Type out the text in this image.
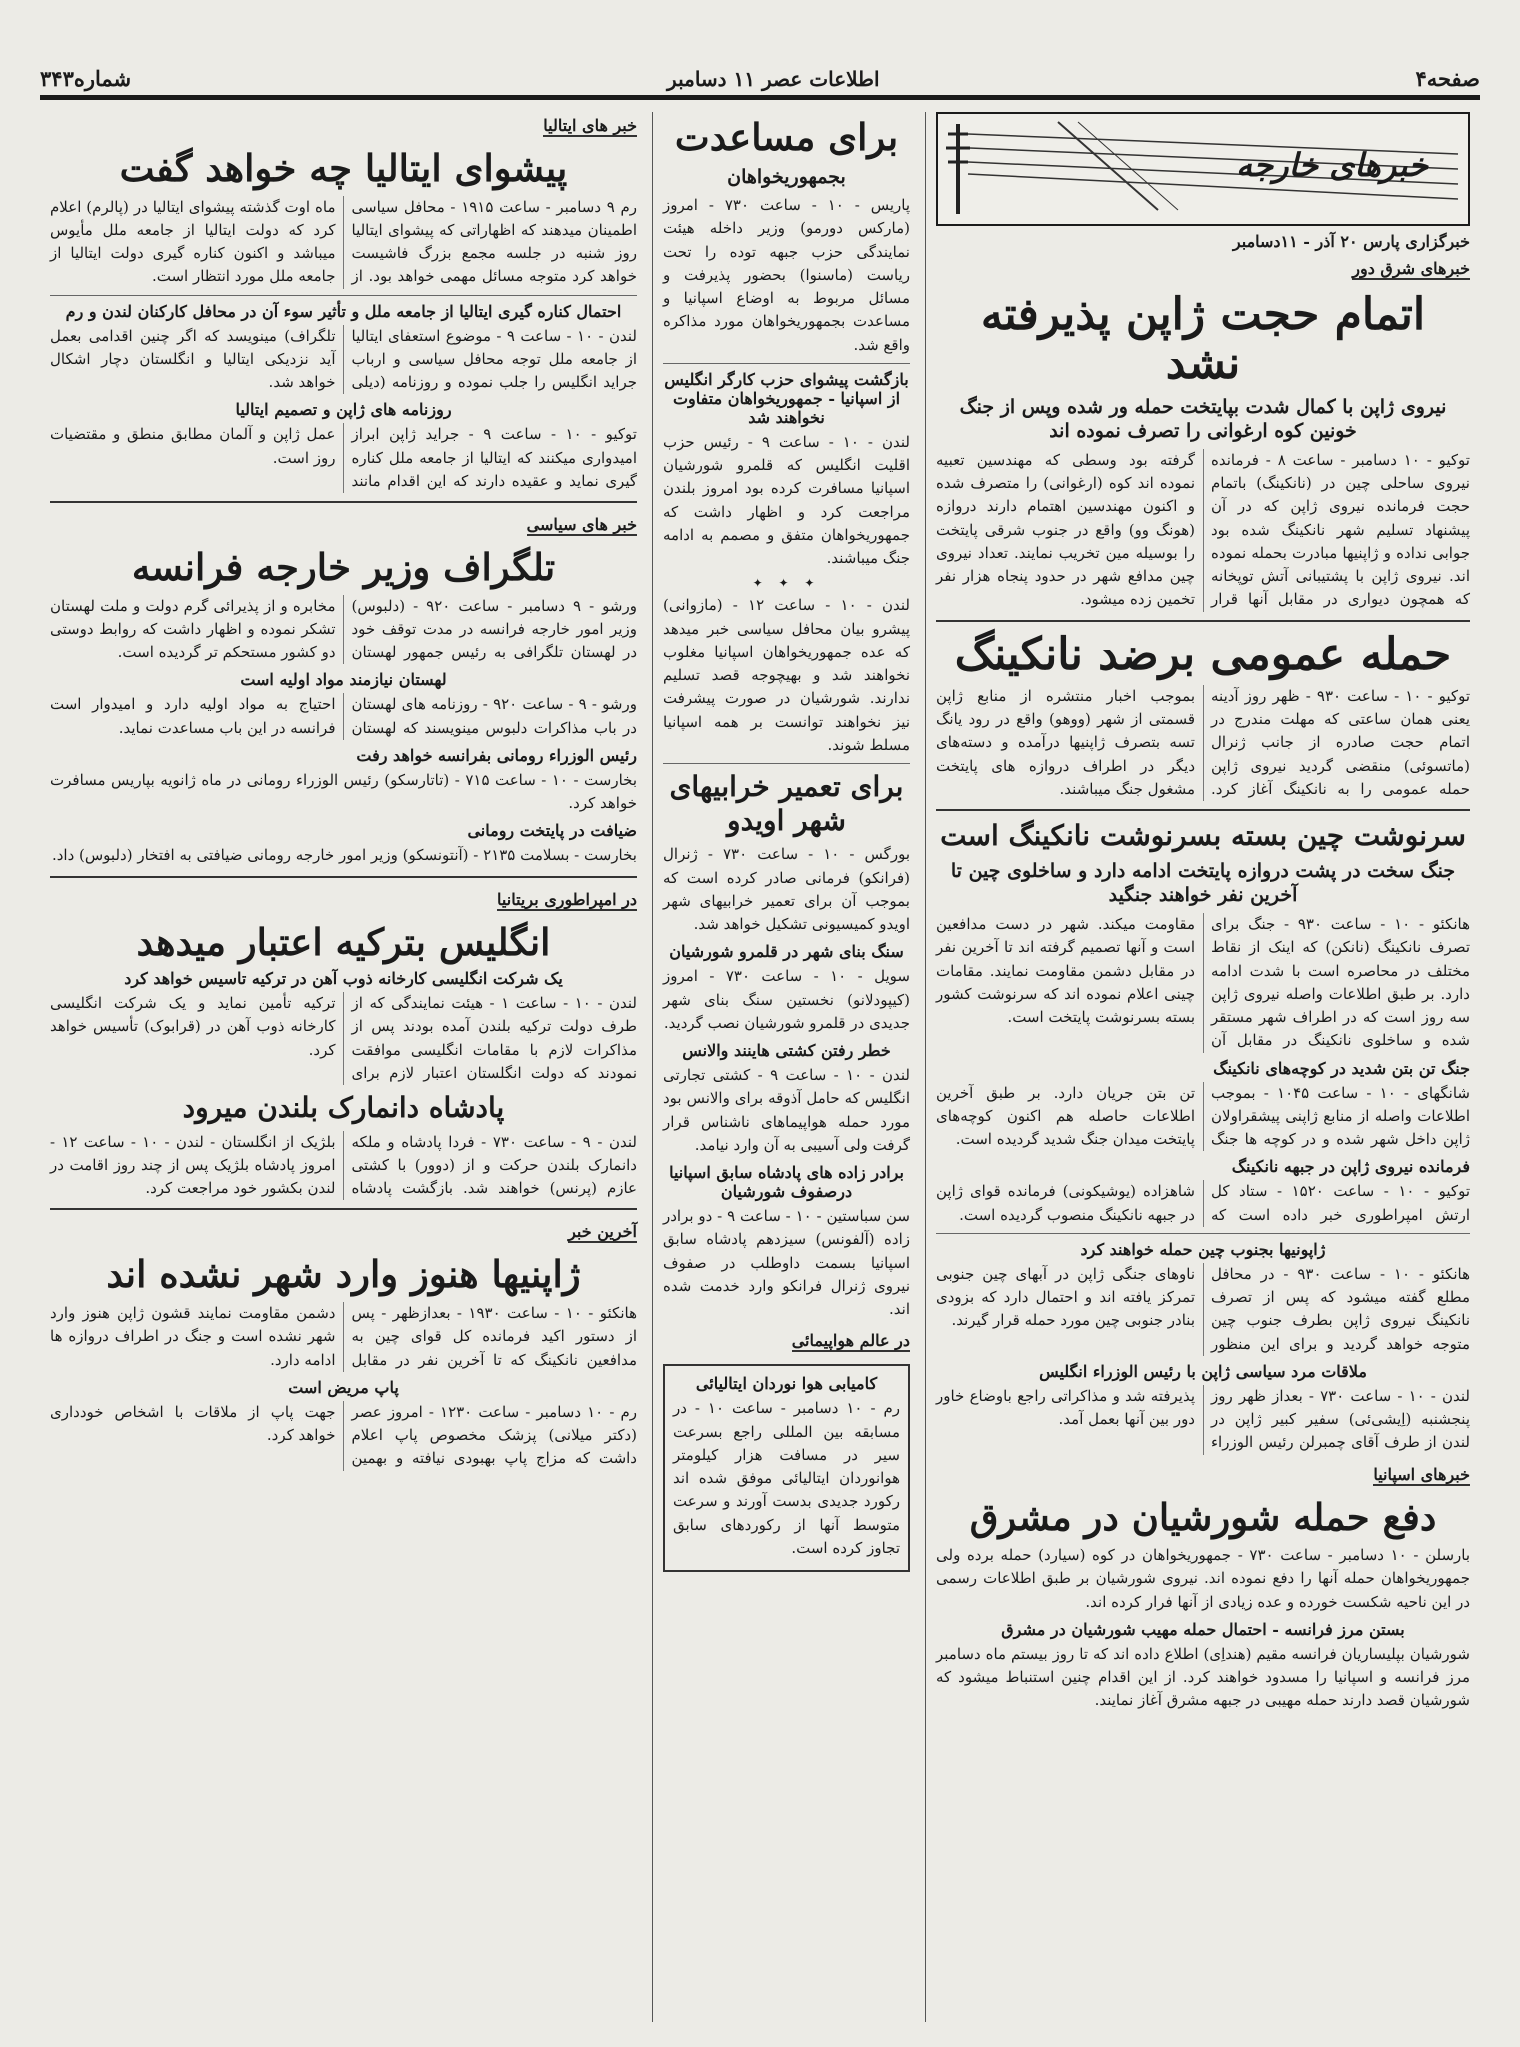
صفحه۴
اطلاعات عصر ۱۱ دسامبر
شماره۳۴۳
خبرهای خارجه
خبرگزاری پارس ۲۰ آذر - ۱۱دسامبر
خبرهای شرق دور
اتمام حجت ژاپن پذیرفته نشد
نیروی ژاپن با کمال شدت بپایتخت حمله ور شده وپس از جنگ خونین کوه ارغوانی را تصرف نموده اند
توکیو - ۱۰ دسامبر - ساعت ۸ - فرمانده نیروی ساحلی چین در (نانکینگ) باتمام حجت فرمانده نیروی ژاپن که در آن پیشنهاد تسلیم شهر نانکینگ شده بود جوابی نداده و ژاپنیها مبادرت بحمله نموده اند. نیروی ژاپن با پشتیبانی آتش توپخانه که همچون دیواری در مقابل آنها قرار گرفته بود وسطی که مهندسین تعبیه نموده اند کوه (ارغوانی) را متصرف شده و اکنون مهندسین اهتمام دارند دروازه (هونگ وو) واقع در جنوب شرقی پایتخت را بوسیله مین تخریب نمایند. تعداد نیروی چین مدافع شهر در حدود پنجاه هزار نفر تخمین زده میشود.
حمله عمومی برضد نانکینگ
توکیو - ۱۰ - ساعت ۹۳۰ - ظهر روز آدینه یعنی همان ساعتی که مهلت مندرج در اتمام حجت صادره از جانب ژنرال (ماتسوئی) منقضی گردید نیروی ژاپن حمله عمومی را به نانکینگ آغاز کرد. بموجب اخبار منتشره از منابع ژاپن قسمتی از شهر (ووهو) واقع در رود یانگ تسه بتصرف ژاپنیها درآمده و دسته‌های دیگر در اطراف دروازه های پایتخت مشغول جنگ میباشند.
سرنوشت چین بسته بسرنوشت نانکینگ است
جنگ سخت در پشت دروازه پایتخت ادامه دارد و ساخلوی چین تا آخرین نفر خواهند جنگید
هانکئو - ۱۰ - ساعت ۹۳۰ - جنگ برای تصرف نانکینگ (نانکن) که اینک از نقاط مختلف در محاصره است با شدت ادامه دارد. بر طبق اطلاعات واصله نیروی ژاپن سه روز است که در اطراف شهر مستقر شده و ساخلوی نانکینگ در مقابل آن مقاومت میکند. شهر در دست مدافعین است و آنها تصمیم گرفته اند تا آخرین نفر در مقابل دشمن مقاومت نمایند. مقامات چینی اعلام نموده اند که سرنوشت کشور بسته بسرنوشت پایتخت است.
جنگ تن بتن شدید در کوچه‌های نانکینگ
شانگهای - ۱۰ - ساعت ۱۰۴۵ - بموجب اطلاعات واصله از منابع ژاپنی پیشقراولان ژاپن داخل شهر شده و در کوچه ها جنگ تن بتن جریان دارد. بر طبق آخرین اطلاعات حاصله هم اکنون کوچه‌های پایتخت میدان جنگ شدید گردیده است.
فرمانده نیروی ژاپن در جبهه نانکینگ
توکیو - ۱۰ - ساعت ۱۵۲۰ - ستاد کل ارتش امپراطوری خبر داده است که شاهزاده (یوشیکونی) فرمانده قوای ژاپن در جبهه نانکینگ منصوب گردیده است.
ژاپونیها بجنوب چین حمله خواهند کرد
هانکئو - ۱۰ - ساعت ۹۳۰ - در محافل مطلع گفته میشود که پس از تصرف نانکینگ نیروی ژاپن بطرف جنوب چین متوجه خواهد گردید و برای این منظور ناوهای جنگی ژاپن در آبهای چین جنوبی تمرکز یافته اند و احتمال دارد که بزودی بنادر جنوبی چین مورد حمله قرار گیرند.
ملاقات مرد سیاسی ژاپن با رئیس الوزراء انگلیس
لندن - ۱۰ - ساعت ۷۳۰ - بعداز ظهر روز پنجشنبه (اِیشی‌ئی) سفیر کبیر ژاپن در لندن از طرف آقای چمبرلن رئیس الوزراء پذیرفته شد و مذاکراتی راجع باوضاع خاور دور بین آنها بعمل آمد.
خبرهای اسپانیا
دفع حمله شورشیان در مشرق
بارسلن - ۱۰ دسامبر - ساعت ۷۳۰ - جمهوریخواهان در کوه (سیارد) حمله برده ولی جمهوریخواهان حمله آنها را دفع نموده اند. نیروی شورشیان بر طبق اطلاعات رسمی در این ناحیه شکست خورده و عده زیادی از آنها فرار کرده اند.
بستن مرز فرانسه - احتمال حمله مهیب شورشیان در مشرق
شورشیان بپلیساریان فرانسه مقیم (هنداِی) اطلاع داده اند که تا روز بیستم ماه دسامبر مرز فرانسه و اسپانیا را مسدود خواهند کرد. از این اقدام چنین استنباط میشود که شورشیان قصد دارند حمله مهیبی در جبهه مشرق آغاز نمایند.
برای مساعدت
بجمهوریخواهان
پاریس - ۱۰ - ساعت ۷۳۰ - امروز (مارکس دورمو) وزیر داخله هیئت نمایندگی حزب جبهه توده را تحت ریاست (ماسنوا) بحضور پذیرفت و مسائل مربوط به اوضاع اسپانیا و مساعدت بجمهوریخواهان مورد مذاکره واقع شد.
بازگشت پیشوای حزب کارگر انگلیس از اسپانیا - جمهوریخواهان متفاوت نخواهند شد
لندن - ۱۰ - ساعت ۹ - رئیس حزب اقلیت انگلیس که قلمرو شورشیان اسپانیا مسافرت کرده بود امروز بلندن مراجعت کرد و اظهار داشت که جمهوریخواهان متفق و مصمم به ادامه جنگ میباشند.
✦ ✦ ✦
لندن - ۱۰ - ساعت ۱۲ - (مازوانی) پیشرو‌ بیان محافل سیاسی خبر میدهد که عده جمهوریخواهان اسپانیا مغلوب نخواهند شد و بهیچوجه قصد تسلیم ندارند. شورشیان در صورت پیشرفت نیز نخواهند توانست بر همه اسپانیا مسلط شوند.
برای تعمیر خرابیهای شهر اویدو
بورگس - ۱۰ - ساعت ۷۳۰ - ژنرال (فرانکو) فرمانی صادر کرده است که بموجب آن برای تعمیر خرابیهای شهر اویدو کمیسیونی تشکیل خواهد شد.
سنگ بنای شهر در قلمرو شورشیان
سویل - ۱۰ - ساعت ۷۳۰ - امروز (کیپودلانو) نخستین سنگ بنای شهر جدیدی در قلمرو شورشیان نصب گردید.
خطر رفتن کشتی هاینند والانس
لندن - ۱۰ - ساعت ۹ - کشتی تجارتی انگلیس که حامل آذوقه برای والانس بود مورد حمله هواپیماهای ناشناس قرار گرفت ولی آسیبی به آن وارد نیامد.
برادر زاده های پادشاه سابق اسپانیا درصفوف شورشیان
سن سباستین - ۱۰ - ساعت ۹ - دو برادر زاده (آلفونس) سیزدهم پادشاه سابق اسپانیا بسمت داوطلب در صفوف نیروی ژنرال فرانکو وارد خدمت شده اند.
در عالم هواپیمائی
کامیابی هوا نوردان ایتالیائی
رم - ۱۰ دسامبر - ساعت ۱۰ - در مسابقه بین المللی راجع بسرعت سیر در مسافت هزار کیلومتر هوانوردان ایتالیائی موفق شده اند رکورد جدیدی بدست آورند و سرعت متوسط آنها از رکوردهای سابق تجاوز کرده است.
خبر های ایتالیا
پیشوای ایتالیا چه خواهد گفت
رم ۹ دسامبر - ساعت ۱۹۱۵ - محافل سیاسی اطمینان میدهند که اظهاراتی که پیشوای ایتالیا روز شنبه در جلسه مجمع بزرگ فاشیست خواهد کرد متوجه مسائل مهمی خواهد بود. از ماه اوت گذشته پیشوای ایتالیا در (پالرم) اعلام کرد که دولت ایتالیا از جامعه ملل مأیوس میباشد و اکنون کناره گیری دولت ایتالیا از جامعه ملل مورد انتظار است.
احتمال کناره گیری ایتالیا از جامعه ملل و تأثیر سوء آن در محافل کارکنان لندن و رم
لندن - ۱۰ - ساعت ۹ - موضوع استعفای ایتالیا از جامعه ملل توجه محافل سیاسی و ارباب جراید انگلیس را جلب نموده و روزنامه (دیلی تلگراف) مینویسد که اگر چنین اقدامی بعمل آید نزدیکی ایتالیا و انگلستان دچار اشکال خواهد شد.
روزنامه های ژاپن و تصمیم ایتالیا
توکیو - ۱۰ - ساعت ۹ - جراید ژاپن ابراز امیدواری میکنند که ایتالیا از جامعه ملل کناره گیری نماید و عقیده دارند که این اقدام مانند عمل ژاپن و آلمان مطابق منطق و مقتضیات روز است.
خبر های سیاسی
تلگراف وزیر خارجه فرانسه
ورشو - ۹ دسامبر - ساعت ۹۲۰ - (دلبوس) وزیر امور خارجه فرانسه در مدت توقف خود در لهستان تلگرافی به رئیس جمهور لهستان مخابره و از پذیرائی گرم دولت و ملت لهستان تشکر نموده و اظهار داشت که روابط دوستی دو کشور مستحکم تر گردیده است.
لهستان نیازمند مواد اولیه است
ورشو - ۹ - ساعت ۹۲۰ - روزنامه های لهستان در باب مذاکرات دلبوس مینویسند که لهستان احتیاج به مواد اولیه دارد و امیدوار است فرانسه در این باب مساعدت نماید.
رئیس الوزراء رومانی بفرانسه خواهد رفت
بخارست - ۱۰ - ساعت ۷۱۵ - (تاتارسکو) رئیس الوزراء رومانی در ماه ژانویه بپاریس مسافرت خواهد کرد.
ضیافت در پایتخت رومانی
بخارست - بسلامت ۲۱۳۵ - (آنتونسکو) وزیر امور خارجه رومانی ضیافتی به افتخار (دلبوس) داد.
در امپراطوری بریتانیا
انگلیس بترکیه اعتبار میدهد
یک شرکت انگلیسی کارخانه ذوب آهن در ترکیه تاسیس خواهد کرد
لندن - ۱۰ - ساعت ۱ - هیئت نمایندگی که از طرف دولت ترکیه بلندن آمده بودند پس از مذاکرات لازم با مقامات انگلیسی موافقت نمودند که دولت انگلستان اعتبار لازم برای ترکیه تأمین نماید و یک شرکت انگلیسی کارخانه ذوب آهن در (قرابوک) تأسیس خواهد کرد.
پادشاه دانمارک بلندن میرود
لندن - ۹ - ساعت ۷۳۰ - فردا پادشاه و ملکه دانمارک بلندن حرکت و از (دوور) با کشتی عازم (پرنس) خواهند شد. بازگشت پادشاه بلژیک از انگلستان - لندن - ۱۰ - ساعت ۱۲ - امروز پادشاه بلژیک پس از چند روز اقامت در لندن بکشور خود مراجعت کرد.
آخرین خبر
ژاپنیها هنوز وارد شهر نشده اند
هانکئو - ۱۰ - ساعت ۱۹۳۰ - بعدازظهر - پس از دستور اکید فرمانده کل قوای چین به مدافعین نانکینگ که تا آخرین نفر در مقابل دشمن مقاومت نمایند قشون ژاپن هنوز وارد شهر نشده است و جنگ در اطراف دروازه ها ادامه دارد.
پاپ مریض است
رم - ۱۰ دسامبر - ساعت ۱۲۳۰ - امروز عصر (دکتر میلانی) پزشک مخصوص پاپ اعلام داشت که مزاج پاپ بهبودی نیافته و بهمین جهت پاپ از ملاقات با اشخاص خودداری خواهد کرد.
